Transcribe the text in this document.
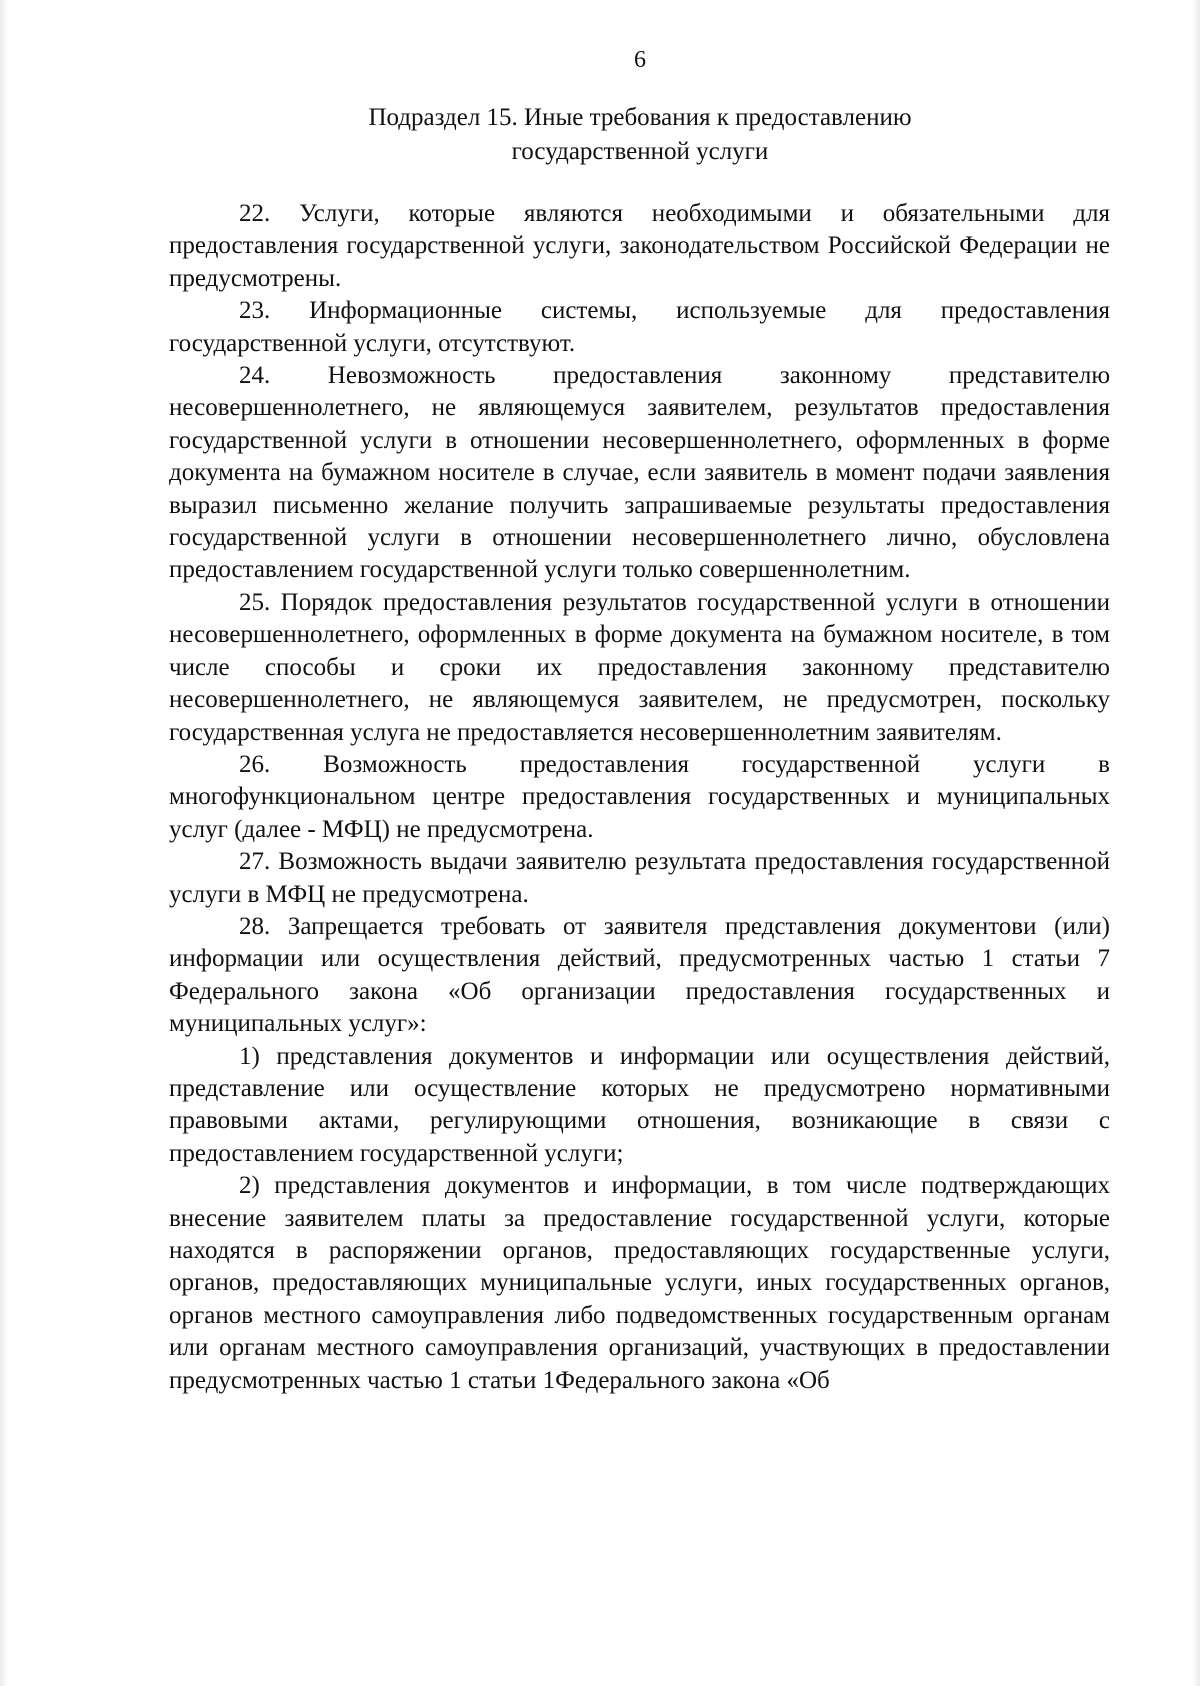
6
Подраздел 15. Иные требования к предоставлению
государственной услуги

22. Услуги, которые являются необходимыми и обязательными для предоставления государственной услуги, законодательством Российской Федерации не предусмотрены.

23. Информационные системы, используемые для предоставления государственной услуги, отсутствуют.

24. Невозможность предоставления законному представителю несовершеннолетнего, не являющемуся заявителем, результатов предоставления государственной услуги в отношении несовершеннолетнего, оформленных в форме документа на бумажном носителе в случае, если заявитель в момент подачи заявления выразил письменно желание получить запрашиваемые результаты предоставления государственной услуги в отношении несовершеннолетнего лично, обусловлена предоставлением государственной услуги только совершеннолетним.

25. Порядок предоставления результатов государственной услуги в отношении несовершеннолетнего, оформленных в форме документа на бумажном носителе, в том числе способы и сроки их предоставления законному представителю несовершеннолетнего, не являющемуся заявителем, не предусмотрен, поскольку государственная услуга не предоставляется несовершеннолетним заявителям.

26. Возможность предоставления государственной услуги в многофункциональном центре предоставления государственных и муниципальных услуг (далее - МФЦ) не предусмотрена.

27. Возможность выдачи заявителю результата предоставления государственной услуги в МФЦ не предусмотрена.

28. Запрещается требовать от заявителя представления документови (или) информации или осуществления действий, предусмотренных частью 1 статьи 7 Федерального закона «Об организации предоставления государственных и муниципальных услуг»:

1) представления документов и информации или осуществления действий, представление или осуществление которых не предусмотрено нормативными правовыми актами, регулирующими отношения, возникающие в связи с предоставлением государственной услуги;

2) представления документов и информации, в том числе подтверждающих внесение заявителем платы за предоставление государственной услуги, которые находятся в распоряжении органов, предоставляющих государственные услуги, органов, предоставляющих муниципальные услуги, иных государственных органов, органов местного самоуправления либо подведомственных государственным органам или органам местного самоуправления организаций, участвующих в предоставлении предусмотренных частью 1 статьи 1Федерального закона «Об
